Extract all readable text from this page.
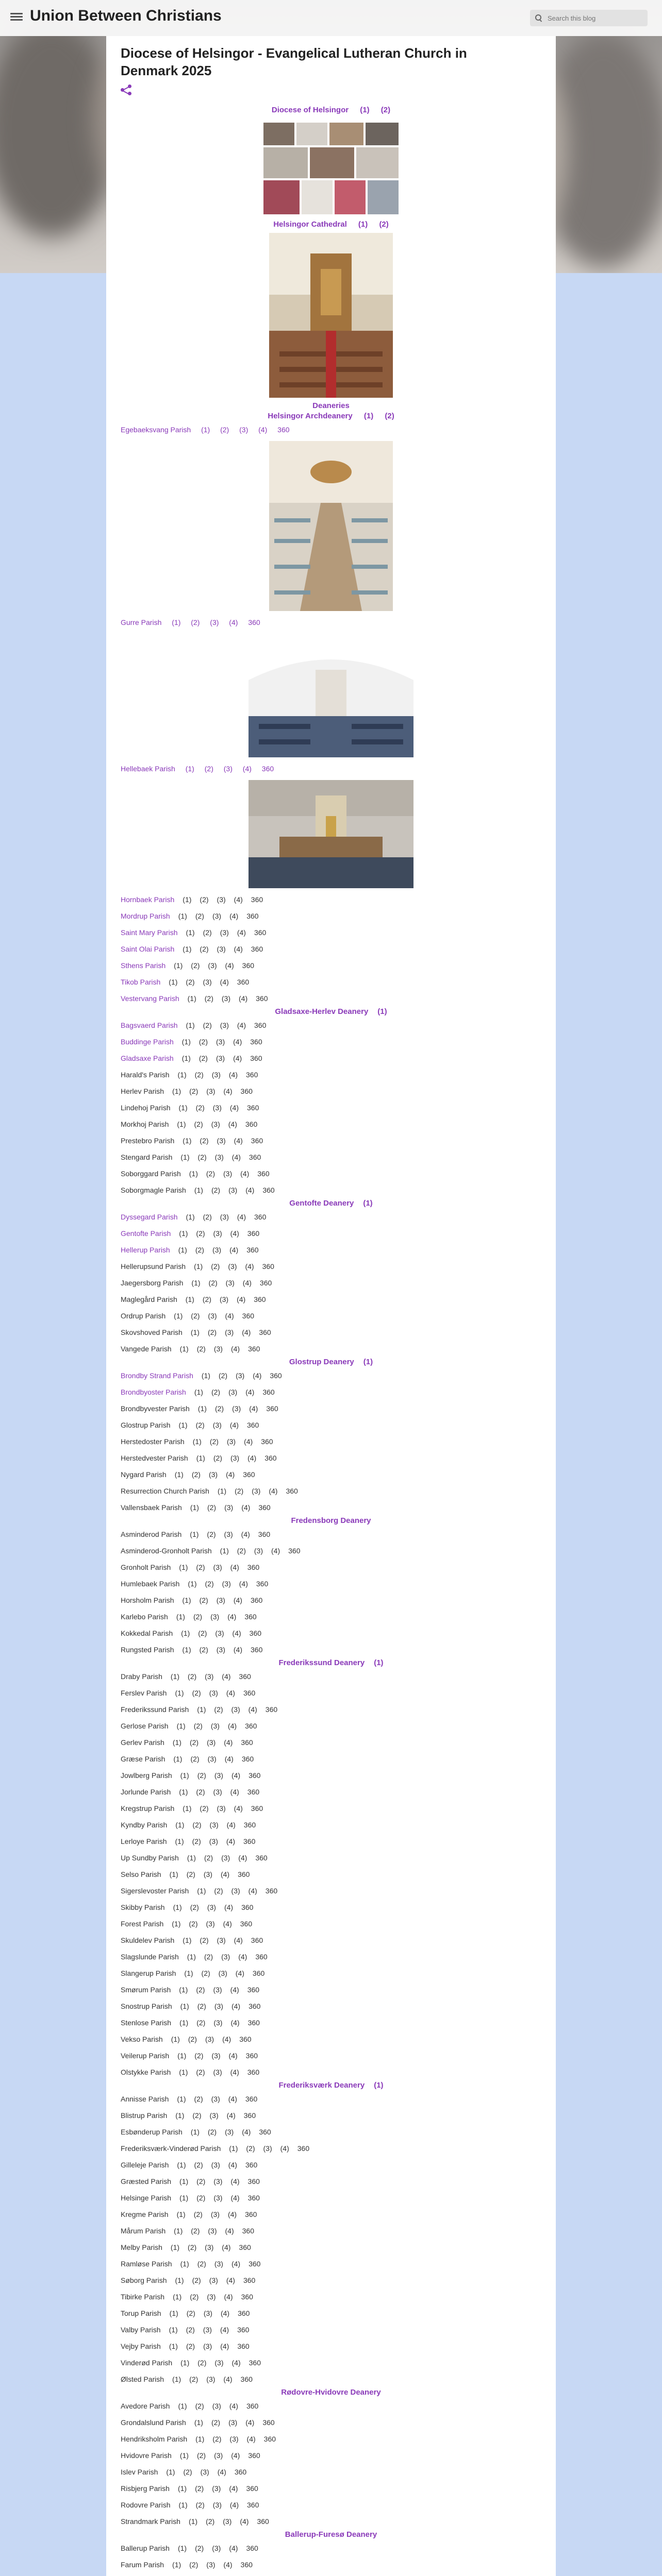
Union Between Christians
Search this blog
Diocese of Helsingor - Evangelical Lutheran Church in Denmark 2025
Diocese of Helsingor (1) (2)
Helsingor Cathedral (1) (2)
Deaneries
Helsingor Archdeanery (1) (2)
Egebaeksvang Parish (1) (2) (3) (4) 360
Gurre Parish (1) (2) (3) (4) 360
Hellebaek Parish (1) (2) (3) (4) 360
Hornbaek Parish (1) (2) (3) (4) 360
Mordrup Parish (1) (2) (3) (4) 360
Saint Mary Parish (1) (2) (3) (4) 360
Saint Olai Parish (1) (2) (3) (4) 360
Sthens Parish (1) (2) (3) (4) 360
Tikob Parish (1) (2) (3) (4) 360
Vestervang Parish (1) (2) (3) (4) 360
Gladsaxe-Herlev Deanery (1)
Bagsvaerd Parish (1) (2) (3) (4) 360
Buddinge Parish (1) (2) (3) (4) 360
Gladsaxe Parish (1) (2) (3) (4) 360
Harald's Parish (1) (2) (3) (4) 360
Herlev Parish (1) (2) (3) (4) 360
Lindehoj Parish (1) (2) (3) (4) 360
Morkhoj Parish (1) (2) (3) (4) 360
Prestebro Parish (1) (2) (3) (4) 360
Stengard Parish (1) (2) (3) (4) 360
Soborggard Parish (1) (2) (3) (4) 360
Soborgmagle Parish (1) (2) (3) (4) 360
Gentofte Deanery (1)
Dyssegard Parish (1) (2) (3) (4) 360
Gentofte Parish (1) (2) (3) (4) 360
Hellerup Parish (1) (2) (3) (4) 360
Hellerupsund Parish (1) (2) (3) (4) 360
Jaegersborg Parish (1) (2) (3) (4) 360
Maglegård Parish (1) (2) (3) (4) 360
Ordrup Parish (1) (2) (3) (4) 360
Skovshoved Parish (1) (2) (3) (4) 360
Vangede Parish (1) (2) (3) (4) 360
Glostrup Deanery (1)
Brondby Strand Parish (1) (2) (3) (4) 360
Brondbyoster Parish (1) (2) (3) (4) 360
Brondbyvester Parish (1) (2) (3) (4) 360
Glostrup Parish (1) (2) (3) (4) 360
Herstedoster Parish (1) (2) (3) (4) 360
Herstedvester Parish (1) (2) (3) (4) 360
Nygard Parish (1) (2) (3) (4) 360
Resurrection Church Parish (1) (2) (3) (4) 360
Vallensbaek Parish (1) (2) (3) (4) 360
Fredensborg Deanery
Asminderod Parish (1) (2) (3) (4) 360
Asminderod-Gronholt Parish (1) (2) (3) (4) 360
Gronholt Parish (1) (2) (3) (4) 360
Humlebaek Parish (1) (2) (3) (4) 360
Horsholm Parish (1) (2) (3) (4) 360
Karlebo Parish (1) (2) (3) (4) 360
Kokkedal Parish (1) (2) (3) (4) 360
Rungsted Parish (1) (2) (3) (4) 360
Frederikssund Deanery (1)
Draby Parish (1) (2) (3) (4) 360
Ferslev Parish (1) (2) (3) (4) 360
Frederikssund Parish (1) (2) (3) (4) 360
Gerlose Parish (1) (2) (3) (4) 360
Gerlev Parish (1) (2) (3) (4) 360
Græse Parish (1) (2) (3) (4) 360
Jowlberg Parish (1) (2) (3) (4) 360
Jorlunde Parish (1) (2) (3) (4) 360
Kregstrup Parish (1) (2) (3) (4) 360
Kyndby Parish (1) (2) (3) (4) 360
Lerloye Parish (1) (2) (3) (4) 360
Up Sundby Parish (1) (2) (3) (4) 360
Selso Parish (1) (2) (3) (4) 360
Sigerslevoster Parish (1) (2) (3) (4) 360
Skibby Parish (1) (2) (3) (4) 360
Forest Parish (1) (2) (3) (4) 360
Skuldelev Parish (1) (2) (3) (4) 360
Slagslunde Parish (1) (2) (3) (4) 360
Slangerup Parish (1) (2) (3) (4) 360
Smørum Parish (1) (2) (3) (4) 360
Snostrup Parish (1) (2) (3) (4) 360
Stenlose Parish (1) (2) (3) (4) 360
Vekso Parish (1) (2) (3) (4) 360
Veilerup Parish (1) (2) (3) (4) 360
Olstykke Parish (1) (2) (3) (4) 360
Frederiksværk Deanery (1)
Annisse Parish (1) (2) (3) (4) 360
Blistrup Parish (1) (2) (3) (4) 360
Esbønderup Parish (1) (2) (3) (4) 360
Frederiksværk-Vinderød Parish (1) (2) (3) (4) 360
Gilleleje Parish (1) (2) (3) (4) 360
Græsted Parish (1) (2) (3) (4) 360
Helsinge Parish (1) (2) (3) (4) 360
Kregme Parish (1) (2) (3) (4) 360
Mårum Parish (1) (2) (3) (4) 360
Melby Parish (1) (2) (3) (4) 360
Ramløse Parish (1) (2) (3) (4) 360
Søborg Parish (1) (2) (3) (4) 360
Tibirke Parish (1) (2) (3) (4) 360
Torup Parish (1) (2) (3) (4) 360
Valby Parish (1) (2) (3) (4) 360
Vejby Parish (1) (2) (3) (4) 360
Vinderød Parish (1) (2) (3) (4) 360
Ølsted Parish (1) (2) (3) (4) 360
Rødovre-Hvidovre Deanery
Avedore Parish (1) (2) (3) (4) 360
Grondalslund Parish (1) (2) (3) (4) 360
Hendriksholm Parish (1) (2) (3) (4) 360
Hvidovre Parish (1) (2) (3) (4) 360
Islev Parish (1) (2) (3) (4) 360
Risbjerg Parish (1) (2) (3) (4) 360
Rodovre Parish (1) (2) (3) (4) 360
Strandmark Parish (1) (2) (3) (4) 360
Ballerup-Furesø Deanery
Ballerup Parish (1) (2) (3) (4) 360
Farum Parish (1) (2) (3) (4) 360
